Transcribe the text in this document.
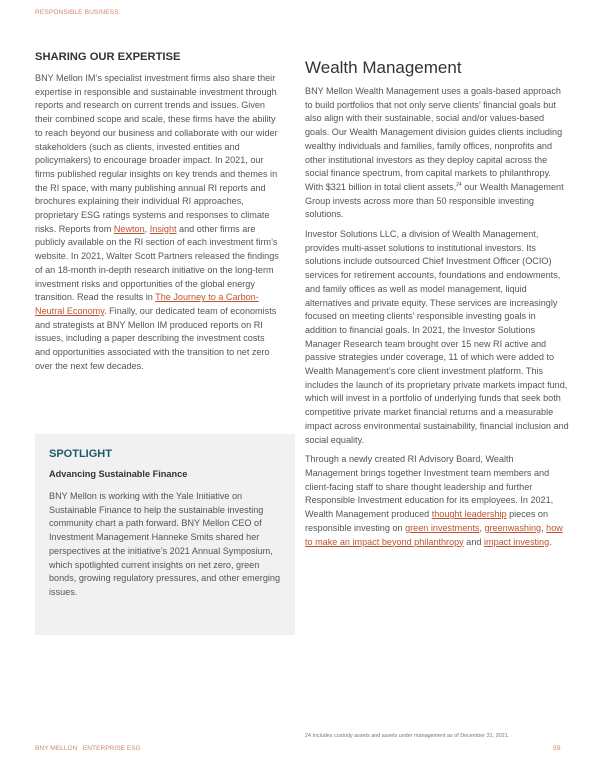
RESPONSIBLE BUSINESS
SHARING OUR EXPERTISE

BNY Mellon IM’s specialist investment firms also share their expertise in responsible and sustainable investment through reports and research on current trends and issues. Given their combined scope and scale, these firms have the ability to reach beyond our business and collaborate with our wider stakeholders (such as clients, invested entities and policymakers) to encourage broader impact. In 2021, our firms published regular insights on key trends and themes in the RI space, with many publishing annual RI reports and brochures explaining their individual RI approaches, proprietary ESG ratings systems and responses to climate risks. Reports from Newton, Insight and other firms are publicly available on the RI section of each investment firm’s website. In 2021, Walter Scott Partners released the findings of an 18-month in-depth research initiative on the long-term investment risks and opportunities of the global energy transition. Read the results in The Journey to a Carbon-Neutral Economy. Finally, our dedicated team of economists and strategists at BNY Mellon IM produced reports on RI issues, including a paper describing the investment costs and opportunities associated with the transition to net zero over the next few decades.

SPOTLIGHT
Advancing Sustainable Finance

BNY Mellon is working with the Yale Initiative on Sustainable Finance to help the sustainable investing community chart a path forward. BNY Mellon CEO of Investment Management Hanneke Smits shared her perspectives at the initiative’s 2021 Annual Symposium, which spotlighted current insights on net zero, green bonds, growing regulatory pressures, and other emerging issues.

Wealth Management

BNY Mellon Wealth Management uses a goals-based approach to build portfolios that not only serve clients’ financial goals but also align with their sustainable, social and/or values-based goals. Our Wealth Management division guides clients including wealthy individuals and families, family offices, nonprofits and other institutional investors as they deploy capital across the social finance spectrum, from capital markets to philanthropy. With $321 billion in total client assets,$^{24}$ our Wealth Management Group invests across more than 50 responsible investing solutions.

Investor Solutions LLC, a division of Wealth Management, provides multi-asset solutions to institutional investors. Its solutions include outsourced Chief Investment Officer (OCIO) services for retirement accounts, foundations and endowments, and family offices as well as model management, liquid alternatives and private equity. These services are increasingly focused on meeting clients’ responsible investing goals in addition to financial goals. In 2021, the Investor Solutions Manager Research team brought over 15 new RI active and passive strategies under coverage, 11 of which were added to Wealth Management’s core client investment platform. This includes the launch of its proprietary private markets impact fund, which will invest in a portfolio of underlying funds that seek both competitive private market financial returns and a measurable impact across environmental sustainability, financial inclusion and social equality.

Through a newly created RI Advisory Board, Wealth Management brings together Investment team members and client-facing staff to share thought leadership and further Responsible Investment education for its employees. In 2021, Wealth Management produced thought leadership pieces on responsible investing on green investments, greenwashing, how to make an impact beyond philanthropy and impact investing.

24 Includes custody assets and assets under management as of December 31, 2021.
BNY MELLON   ENTERPRISE ESG	59
